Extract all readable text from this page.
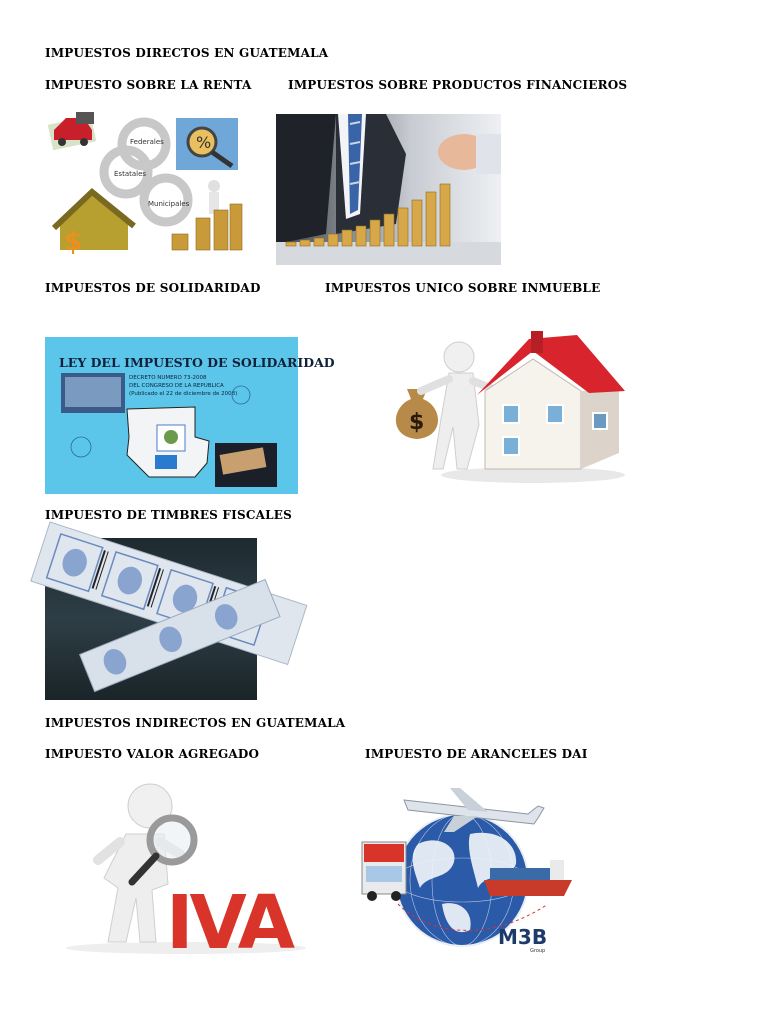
IMPUESTOS DIRECTOS EN GUATEMALA
IMPUESTO SOBRE LA RENTA	IMPUESTOS SOBRE PRODUCTOS FINANCIEROS
IMPUESTOS DE SOLIDARIDAD	IMPUESTOS UNICO SOBRE INMUEBLE
IMPUESTO DE TIMBRES FISCALES
IMPUESTOS INDIRECTOS EN GUATEMALA
IMPUESTO VALOR AGREGADO	IMPUESTO DE ARANCELES DAI
%
Federales
Estatales
Municipales
$
LEY DEL IMPUESTO DE SOLIDARIDAD
DECRETO NUMERO 73-2008
DEL CONGRESO DE LA REPUBLICA
(Publicado el 22 de diciembre de 2008)
$
IVA	M3B
Group
